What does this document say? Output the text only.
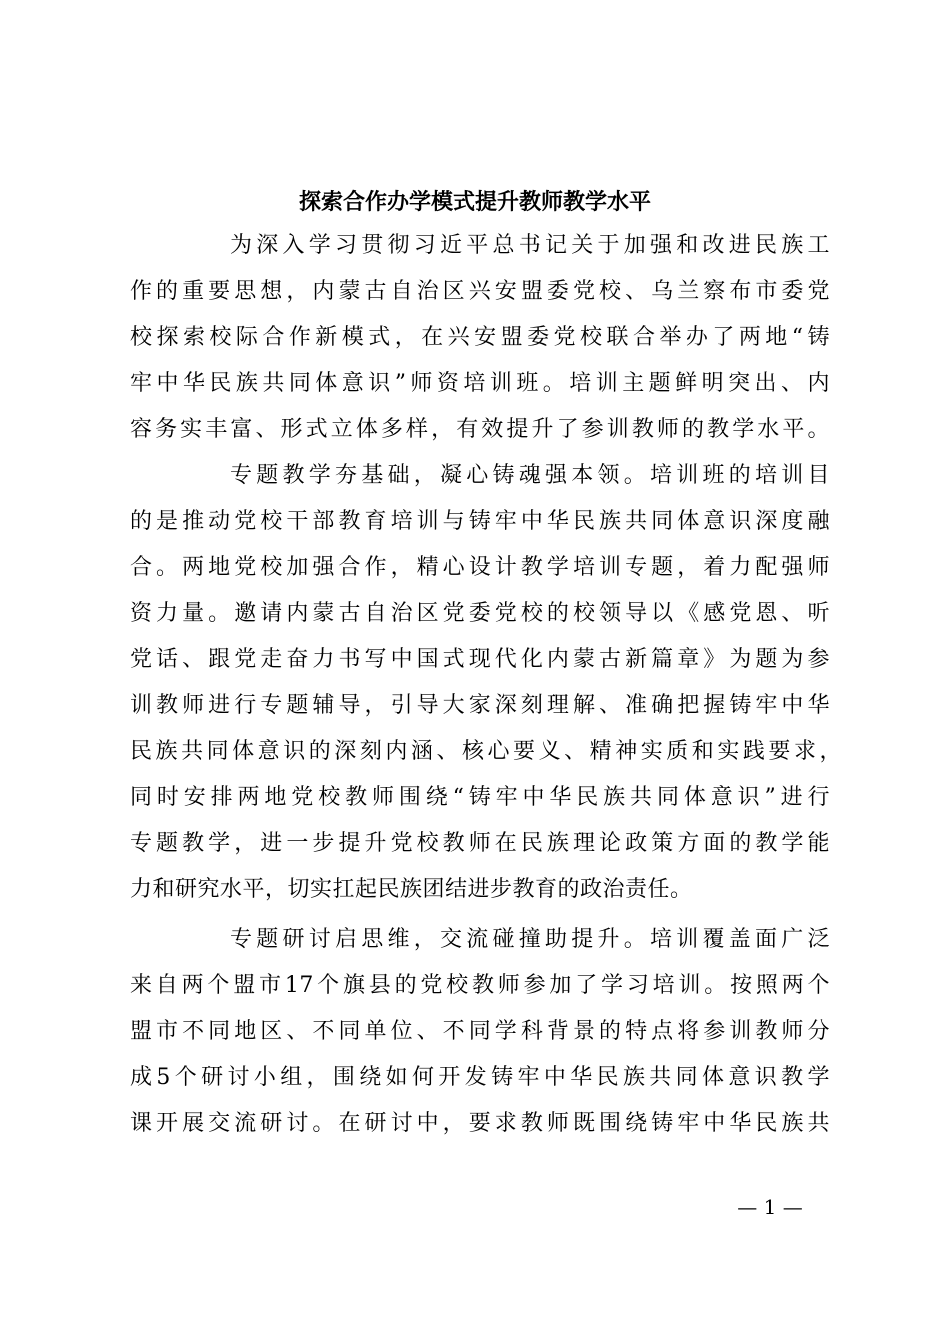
探索合作办学模式提升教师教学水平
为深入学习贯彻习近平总书记关于加强和改进民族工
作的重要思想，内蒙古自治区兴安盟委党校、乌兰察布市委党
校探索校际合作新模式，在兴安盟委党校联合举办了两地“铸
牢中华民族共同体意识”师资培训班。培训主题鲜明突出、内
容务实丰富、形式立体多样，有效提升了参训教师的教学水平。
专题教学夯基础，凝心铸魂强本领。培训班的培训目
的是推动党校干部教育培训与铸牢中华民族共同体意识深度融
合。两地党校加强合作，精心设计教学培训专题，着力配强师
资力量。邀请内蒙古自治区党委党校的校领导以《感党恩、听
党话、跟党走奋力书写中国式现代化内蒙古新篇章》为题为参
训教师进行专题辅导，引导大家深刻理解、准确把握铸牢中华
民族共同体意识的深刻内涵、核心要义、精神实质和实践要求，
同时安排两地党校教师围绕“铸牢中华民族共同体意识”进行
专题教学，进一步提升党校教师在民族理论政策方面的教学能
力和研究水平，切实扛起民族团结进步教育的政治责任。
专题研讨启思维，交流碰撞助提升。培训覆盖面广泛
来自两个盟市17个旗县的党校教师参加了学习培训。按照两个
盟市不同地区、不同单位、不同学科背景的特点将参训教师分
成5个研讨小组，围绕如何开发铸牢中华民族共同体意识教学
课开展交流研讨。在研讨中，要求教师既围绕铸牢中华民族共
— 1 —
